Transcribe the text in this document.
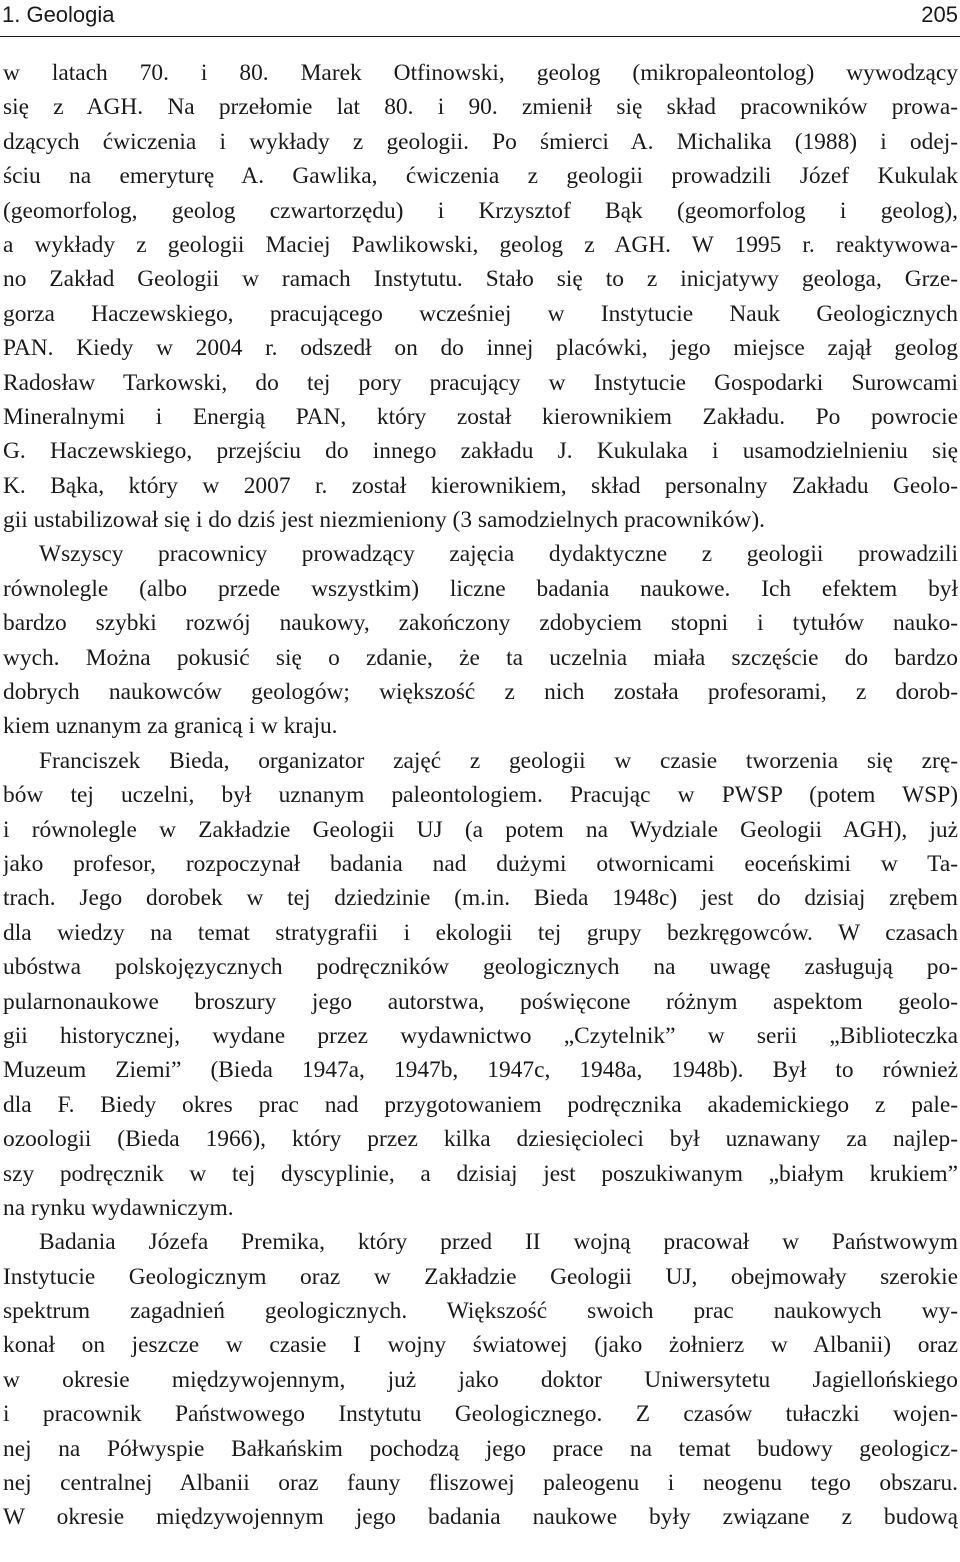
1. Geologia	205
w latach 70. i 80. Marek Otfinowski, geolog (mikropaleontolog) wywodzący
się z AGH. Na przełomie lat 80. i 90. zmienił się skład pracowników prowa-
dzących ćwiczenia i wykłady z geologii. Po śmierci A. Michalika (1988) i odej-
ściu na emeryturę A. Gawlika, ćwiczenia z geologii prowadzili Józef Kukulak
(geomorfolog, geolog czwartorzędu) i Krzysztof Bąk (geomorfolog i geolog),
a wykłady z geologii Maciej Pawlikowski, geolog z AGH. W 1995 r. reaktywowa-
no Zakład Geologii w ramach Instytutu. Stało się to z inicjatywy geologa, Grze-
gorza Haczewskiego, pracującego wcześniej w Instytucie Nauk Geologicznych
PAN. Kiedy w 2004 r. odszedł on do innej placówki, jego miejsce zajął geolog
Radosław Tarkowski, do tej pory pracujący w Instytucie Gospodarki Surowcami
Mineralnymi i Energią PAN, który został kierownikiem Zakładu. Po powrocie
G. Haczewskiego, przejściu do innego zakładu J. Kukulaka i usamodzielnieniu się
K. Bąka, który w 2007 r. został kierownikiem, skład personalny Zakładu Geolo-
gii ustabilizował się i do dziś jest niezmieniony (3 samodzielnych pracowników).
Wszyscy pracownicy prowadzący zajęcia dydaktyczne z geologii prowadzili
równolegle (albo przede wszystkim) liczne badania naukowe. Ich efektem był
bardzo szybki rozwój naukowy, zakończony zdobyciem stopni i tytułów nauko-
wych. Można pokusić się o zdanie, że ta uczelnia miała szczęście do bardzo
dobrych naukowców geologów; większość z nich została profesorami, z dorob-
kiem uznanym za granicą i w kraju.
Franciszek Bieda, organizator zajęć z geologii w czasie tworzenia się zrę-
bów tej uczelni, był uznanym paleontologiem. Pracując w PWSP (potem WSP)
i równolegle w Zakładzie Geologii UJ (a potem na Wydziale Geologii AGH), już
jako profesor, rozpoczynał badania nad dużymi otwornicami eoceńskimi w Ta-
trach. Jego dorobek w tej dziedzinie (m.in. Bieda 1948c) jest do dzisiaj zrębem
dla wiedzy na temat stratygrafii i ekologii tej grupy bezkręgowców. W czasach
ubóstwa polskojęzycznych podręczników geologicznych na uwagę zasługują po-
pularnonaukowe broszury jego autorstwa, poświęcone różnym aspektom geolo-
gii historycznej, wydane przez wydawnictwo „Czytelnik” w serii „Biblioteczka
Muzeum Ziemi” (Bieda 1947a, 1947b, 1947c, 1948a, 1948b). Był to również
dla F. Biedy okres prac nad przygotowaniem podręcznika akademickiego z pale-
ozoologii (Bieda 1966), który przez kilka dziesięcioleci był uznawany za najlep-
szy podręcznik w tej dyscyplinie, a dzisiaj jest poszukiwanym „białym krukiem”
na rynku wydawniczym.
Badania Józefa Premika, który przed II wojną pracował w Państwowym
Instytucie Geologicznym oraz w Zakładzie Geologii UJ, obejmowały szerokie
spektrum zagadnień geologicznych. Większość swoich prac naukowych wy-
konał on jeszcze w czasie I wojny światowej (jako żołnierz w Albanii) oraz
w okresie międzywojennym, już jako doktor Uniwersytetu Jagiellońskiego
i pracownik Państwowego Instytutu Geologicznego. Z czasów tułaczki wojen-
nej na Półwyspie Bałkańskim pochodzą jego prace na temat budowy geologicz-
nej centralnej Albanii oraz fauny fliszowej paleogenu i neogenu tego obszaru.
W okresie międzywojennym jego badania naukowe były związane z budową
